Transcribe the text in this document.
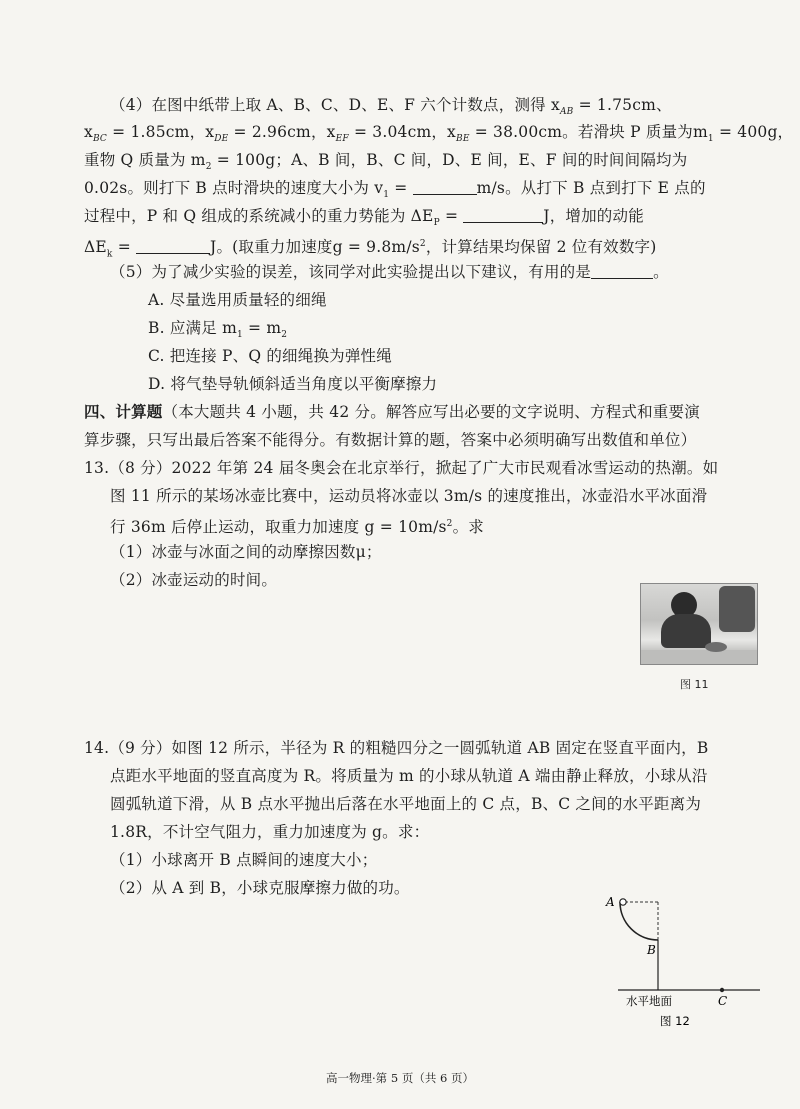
（4）在图中纸带上取 A、B、C、D、E、F 六个计数点，测得 $x_{AB} = 1.75cm$、
$x_{BC} = 1.85cm$，$x_{DE} = 2.96cm$，$x_{EF} = 3.04cm$，$x_{BE} = 38.00cm$。若滑块 P 质量为$m_1 = 400g$，
重物 Q 质量为 $m_2 = 100g$；A、B 间，B、C 间，D、E 间，E、F 间的时间间隔均为
0.02s。则打下 B 点时滑块的速度大小为 $v_1$ =	m/s。从打下 B 点到打下 E 点的
过程中，P 和 Q 组成的系统减小的重力势能为 $\Delta E_P$ =	J，增加的动能
$\Delta E_k$ =	J。(取重力加速度$g = 9.8m/s^2$，计算结果均保留 2 位有效数字)
（5）为了减少实验的误差，该同学对此实验提出以下建议，有用的是	。
A. 尽量选用质量轻的细绳
B. 应满足 $m_1 = m_2$
C. 把连接 P、Q 的细绳换为弹性绳
D. 将气垫导轨倾斜适当角度以平衡摩擦力
四、计算题（本大题共 4 小题，共 42 分。解答应写出必要的文字说明、方程式和重要演
算步骤，只写出最后答案不能得分。有数据计算的题，答案中必须明确写出数值和单位）
13.（8 分）2022 年第 24 届冬奥会在北京举行，掀起了广大市民观看冰雪运动的热潮。如
图 11 所示的某场冰壶比赛中，运动员将冰壶以 3m/s 的速度推出，冰壶沿水平冰面滑
行 36m 后停止运动，取重力加速度 $g = 10m/s^2$。求
（1）冰壶与冰面之间的动摩擦因数μ；
（2）冰壶运动的时间。
图 11
14.（9 分）如图 12 所示，半径为 R 的粗糙四分之一圆弧轨道 AB 固定在竖直平面内，B
点距水平地面的竖直高度为 R。将质量为 m 的小球从轨道 A 端由静止释放，小球从沿
圆弧轨道下滑，从 B 点水平抛出后落在水平地面上的 C 点，B、C 之间的水平距离为
1.8R，不计空气阻力，重力加速度为 g。求：
（1）小球离开 B 点瞬间的速度大小；
（2）从 A 到 B，小球克服摩擦力做的功。
A
B
C
水平地面
图 12
高一物理·第 5 页（共 6 页）
